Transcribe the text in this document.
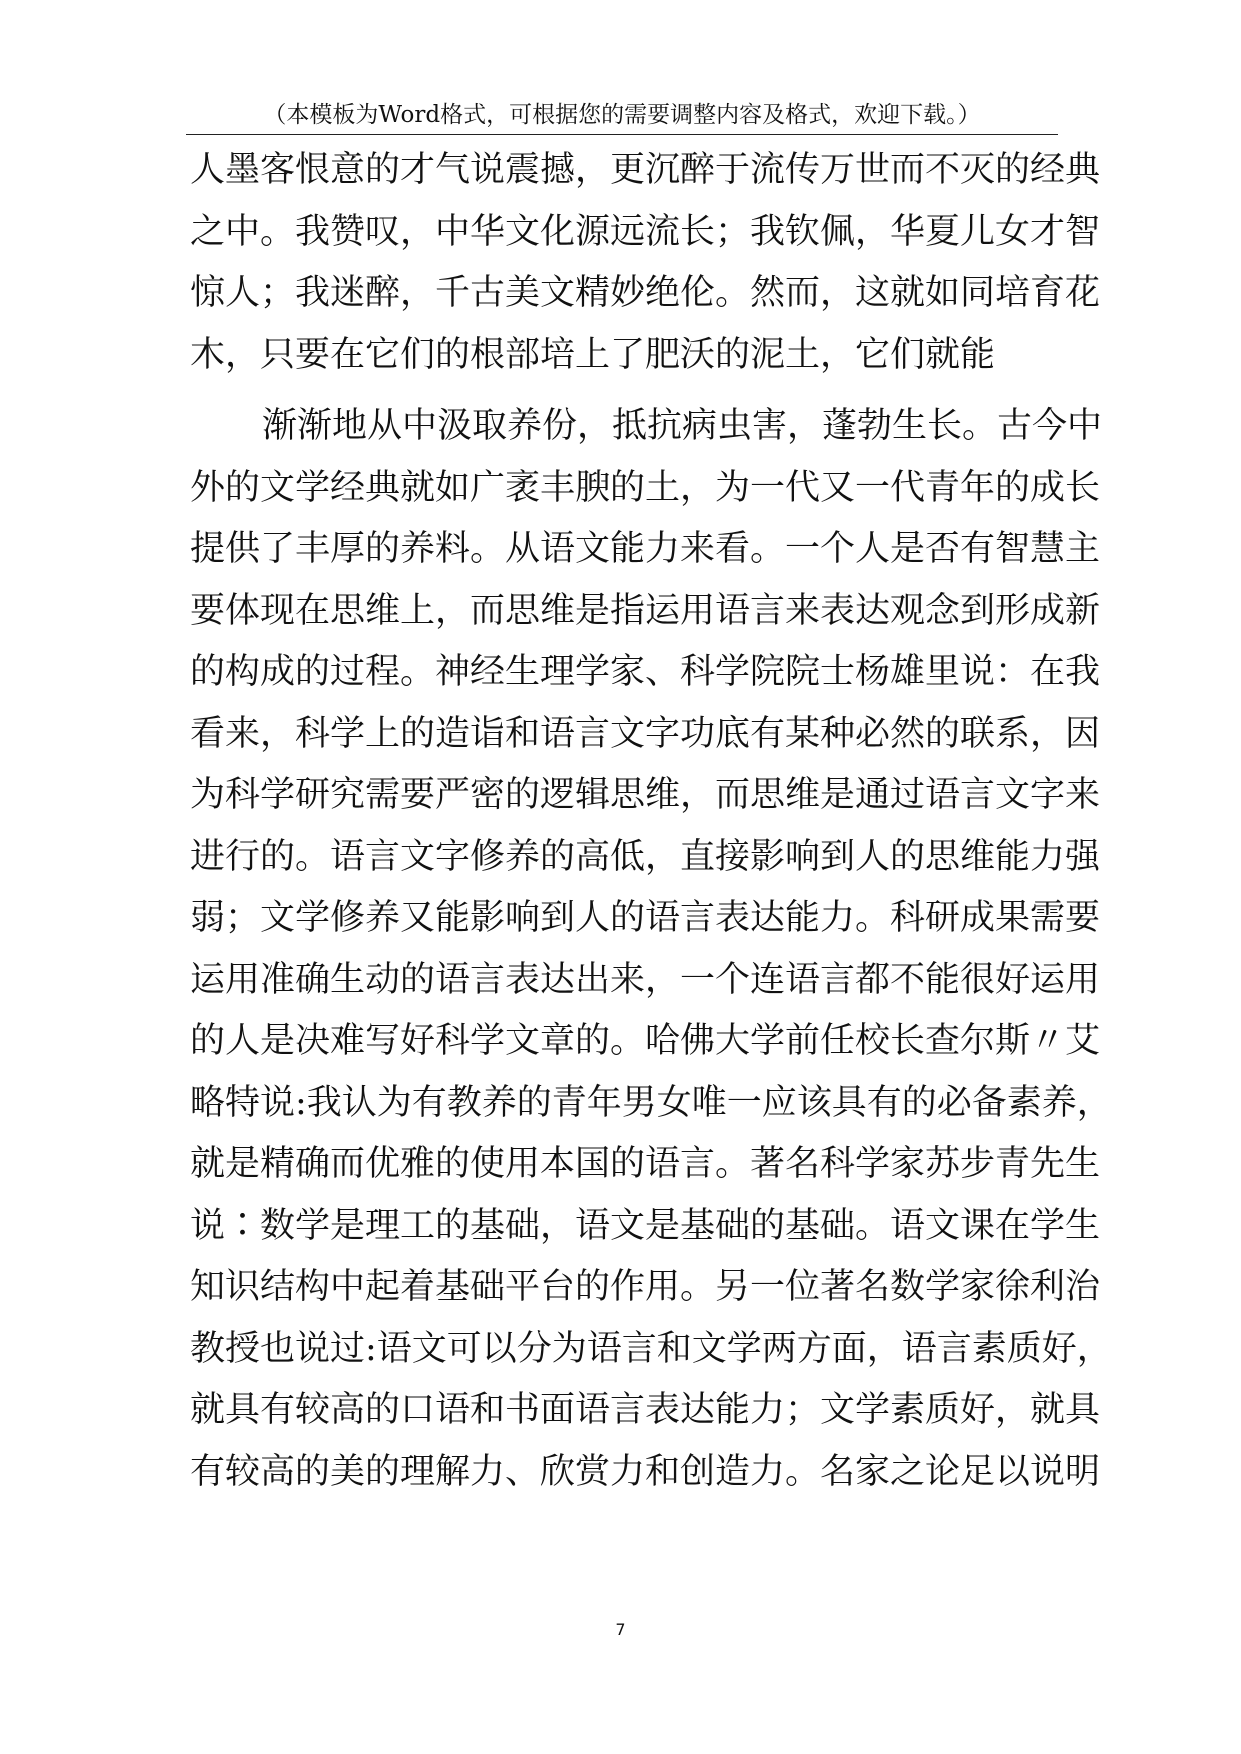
（本模板为Word格式，可根据您的需要调整内容及格式，欢迎下载。）
人墨客恨意的才气说震撼，更沉醉于流传万世而不灭的经典
之中。我赞叹，中华文化源远流长；我钦佩，华夏儿女才智
惊人；我迷醉，千古美文精妙绝伦。然而，这就如同培育花
木，只要在它们的根部培上了肥沃的泥土，它们就能
渐渐地从中汲取养份，抵抗病虫害，蓬勃生长。古今中
外的文学经典就如广袤丰腴的土，为一代又一代青年的成长
提供了丰厚的养料。从语文能力来看。一个人是否有智慧主
要体现在思维上，而思维是指运用语言来表达观念到形成新
的构成的过程。神经生理学家、科学院院士杨雄里说：在我
看来，科学上的造诣和语言文字功底有某种必然的联系，因
为科学研究需要严密的逻辑思维，而思维是通过语言文字来
进行的。语言文字修养的高低，直接影响到人的思维能力强
弱；文学修养又能影响到人的语言表达能力。科研成果需要
运用准确生动的语言表达出来，一个连语言都不能很好运用
的人是决难写好科学文章的。哈佛大学前任校长查尔斯〃艾
略特说:我认为有教养的青年男女唯一应该具有的必备素养，
就是精确而优雅的使用本国的语言。著名科学家苏步青先生
说∶数学是理工的基础，语文是基础的基础。语文课在学生
知识结构中起着基础平台的作用。另一位著名数学家徐利治
教授也说过:语文可以分为语言和文学两方面，语言素质好，
就具有较高的口语和书面语言表达能力；文学素质好，就具
有较高的美的理解力、欣赏力和创造力。名家之论足以说明
7
